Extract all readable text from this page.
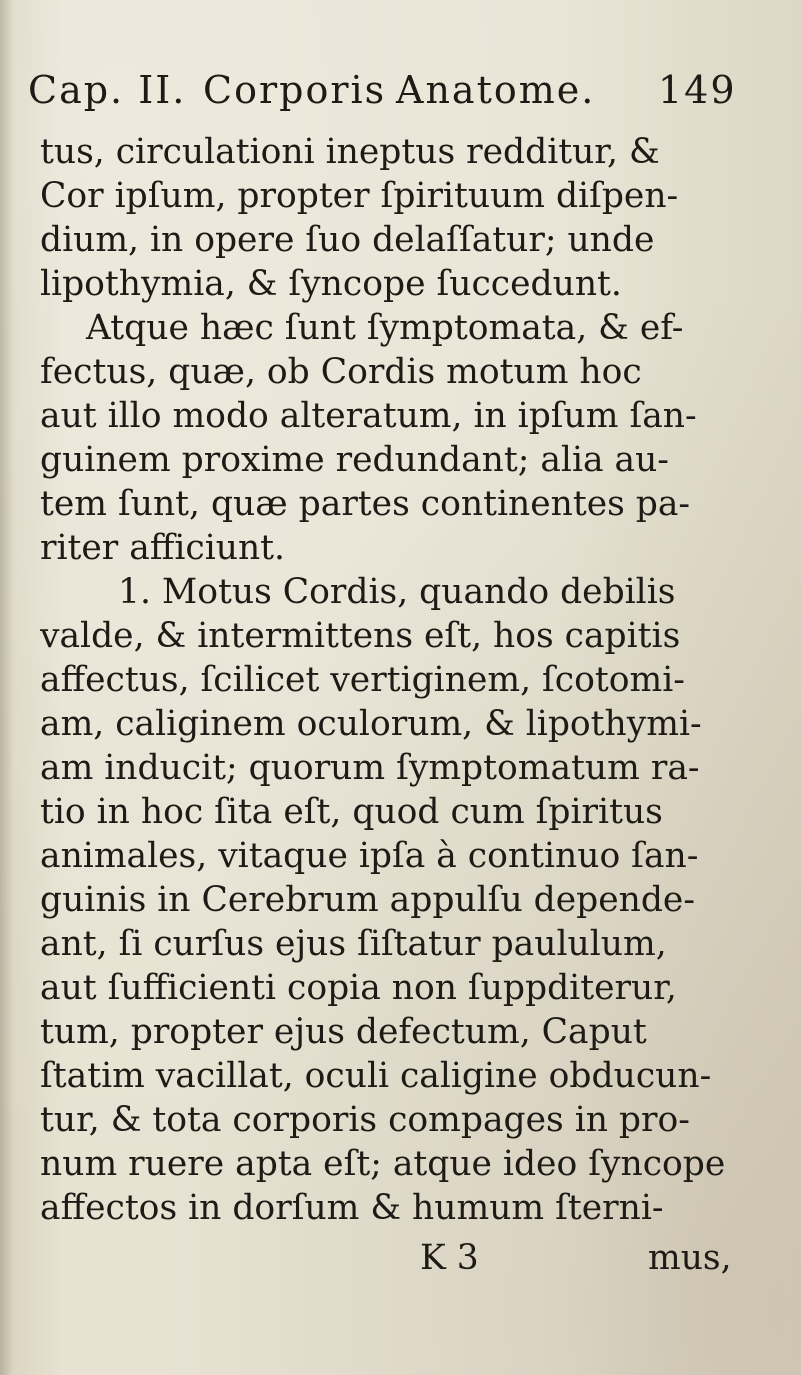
Cap. II. Corporis Anatome. 149
tus, circulationi ineptus redditur, &
Cor ipſum, propter ſpirituum diſpen-
dium, in opere ſuo delaſſatur; unde
lipothymia, & ſyncope ſuccedunt.
Atque hæc ſunt ſymptomata, & ef-
fectus, quæ, ob Cordis motum hoc
aut illo modo alteratum, in ipſum ſan-
guinem proxime redundant; alia au-
tem ſunt, quæ partes continentes pa-
riter afficiunt.
1. Motus Cordis, quando debilis
valde, & intermittens eſt, hos capitis
affectus, ſcilicet vertiginem, ſcotomi-
am, caliginem oculorum, & lipothymi-
am inducit; quorum ſymptomatum ra-
tio in hoc ſita eſt, quod cum ſpiritus
animales, vitaque ipſa à continuo ſan-
guinis in Cerebrum appulſu depende-
ant, ſi curſus ejus ſiſtatur paululum,
aut ſufficienti copia non ſuppditerur,
tum, propter ejus defectum, Caput
ſtatim vacillat, oculi caligine obducun-
tur, & tota corporis compages in pro-
num ruere apta eſt; atque ideo ſyncope
affectos in dorſum & humum ſterni-
K 3	mus,
